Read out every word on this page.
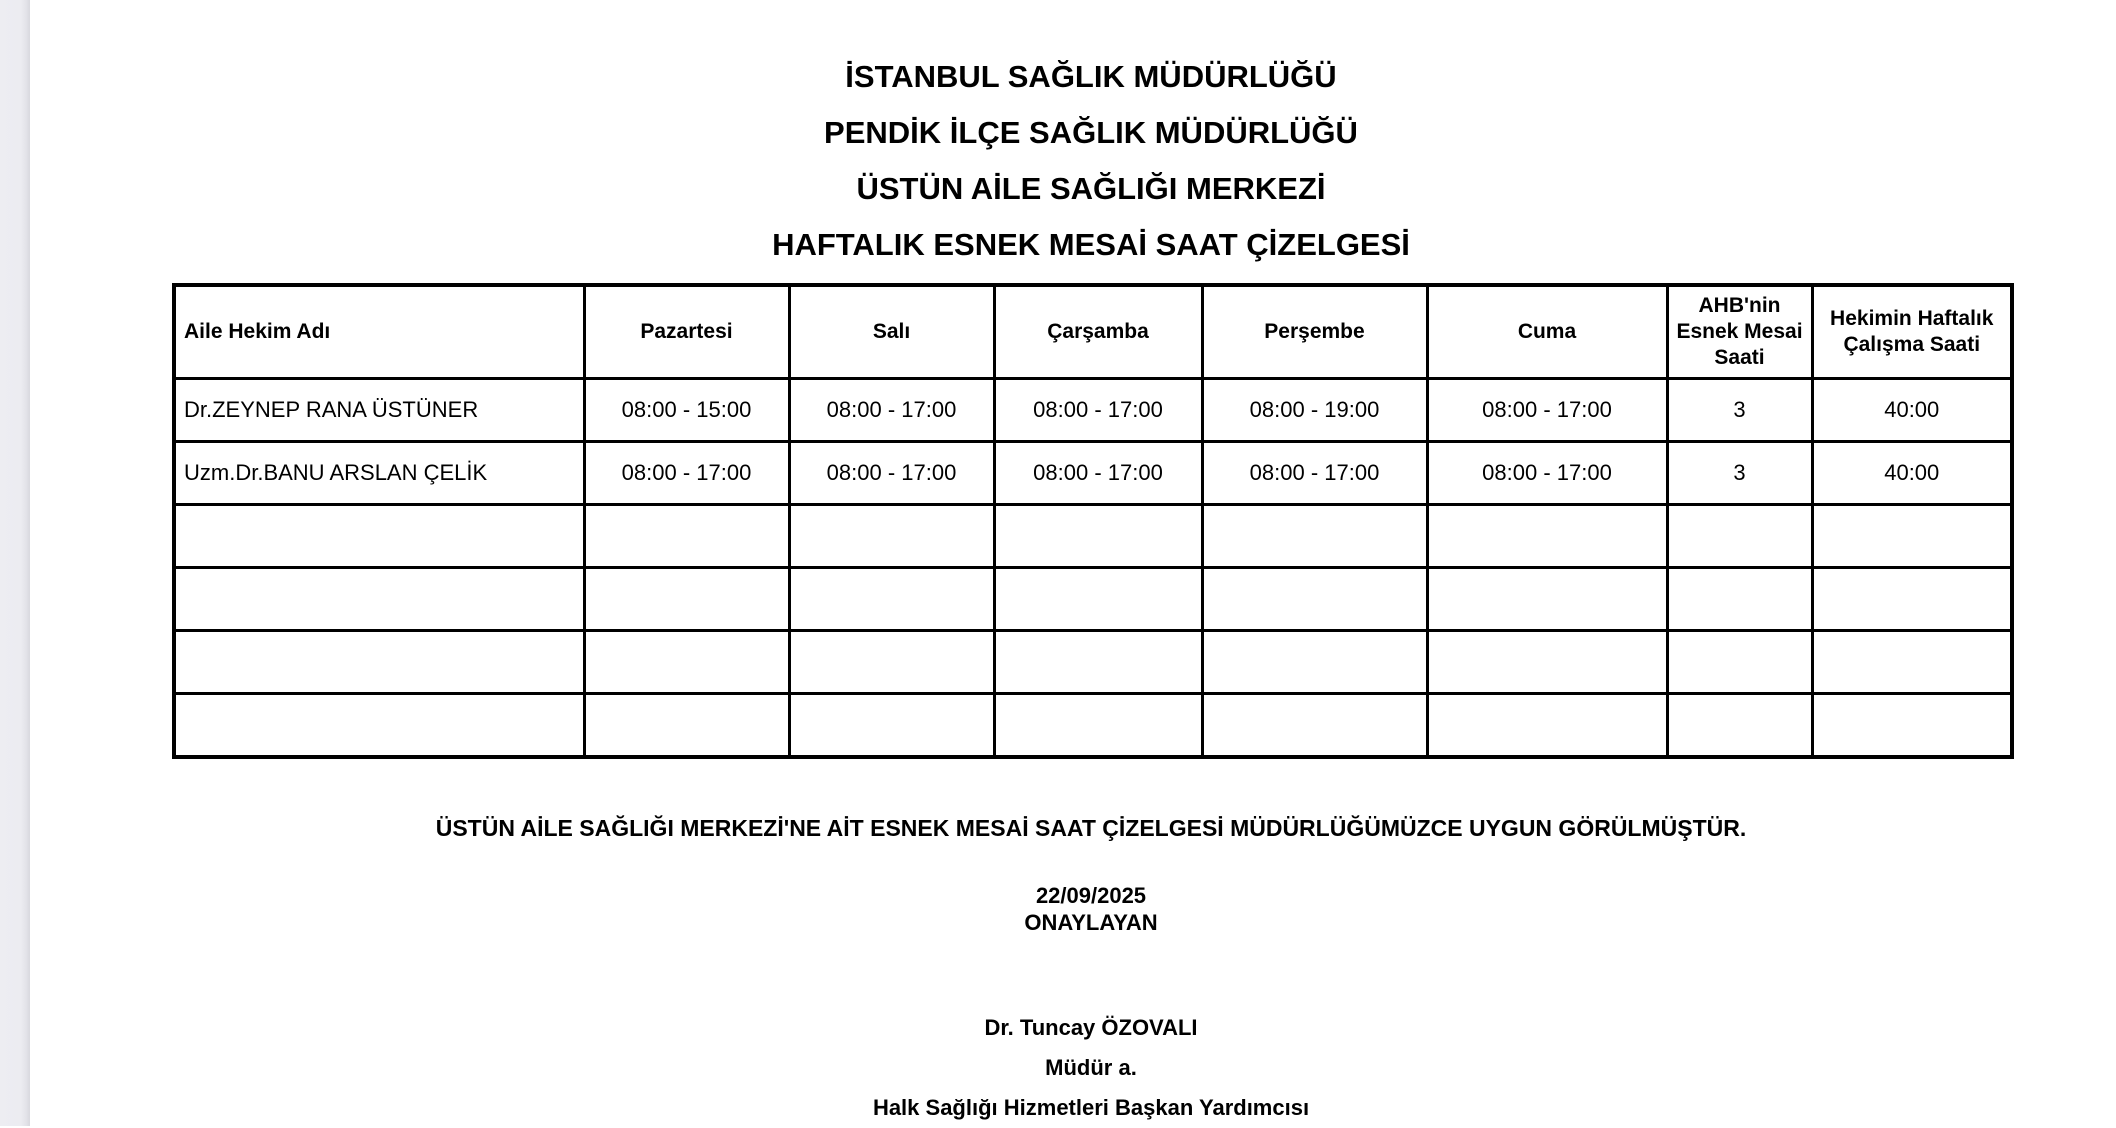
İSTANBUL SAĞLIK MÜDÜRLÜĞÜ
PENDİK İLÇE SAĞLIK MÜDÜRLÜĞÜ
ÜSTÜN AİLE SAĞLIĞI MERKEZİ
HAFTALIK ESNEK MESAİ SAAT ÇİZELGESİ
Aile Hekim Adı	Pazartesi	Salı	Çarşamba	Perşembe	Cuma	AHB'nin Esnek Mesai Saati	Hekimin Haftalık Çalışma Saati
Dr.ZEYNEP RANA ÜSTÜNER	08:00 - 15:00	08:00 - 17:00	08:00 - 17:00	08:00 - 19:00	08:00 - 17:00	3	40:00
Uzm.Dr.BANU ARSLAN ÇELİK	08:00 - 17:00	08:00 - 17:00	08:00 - 17:00	08:00 - 17:00	08:00 - 17:00	3	40:00

ÜSTÜN AİLE SAĞLIĞI MERKEZİ'NE AİT ESNEK MESAİ SAAT ÇİZELGESİ MÜDÜRLÜĞÜMÜZCE UYGUN GÖRÜLMÜŞTÜR.
22/09/2025
ONAYLAYAN
Dr. Tuncay ÖZOVALI
Müdür a.
Halk Sağlığı Hizmetleri Başkan Yardımcısı
